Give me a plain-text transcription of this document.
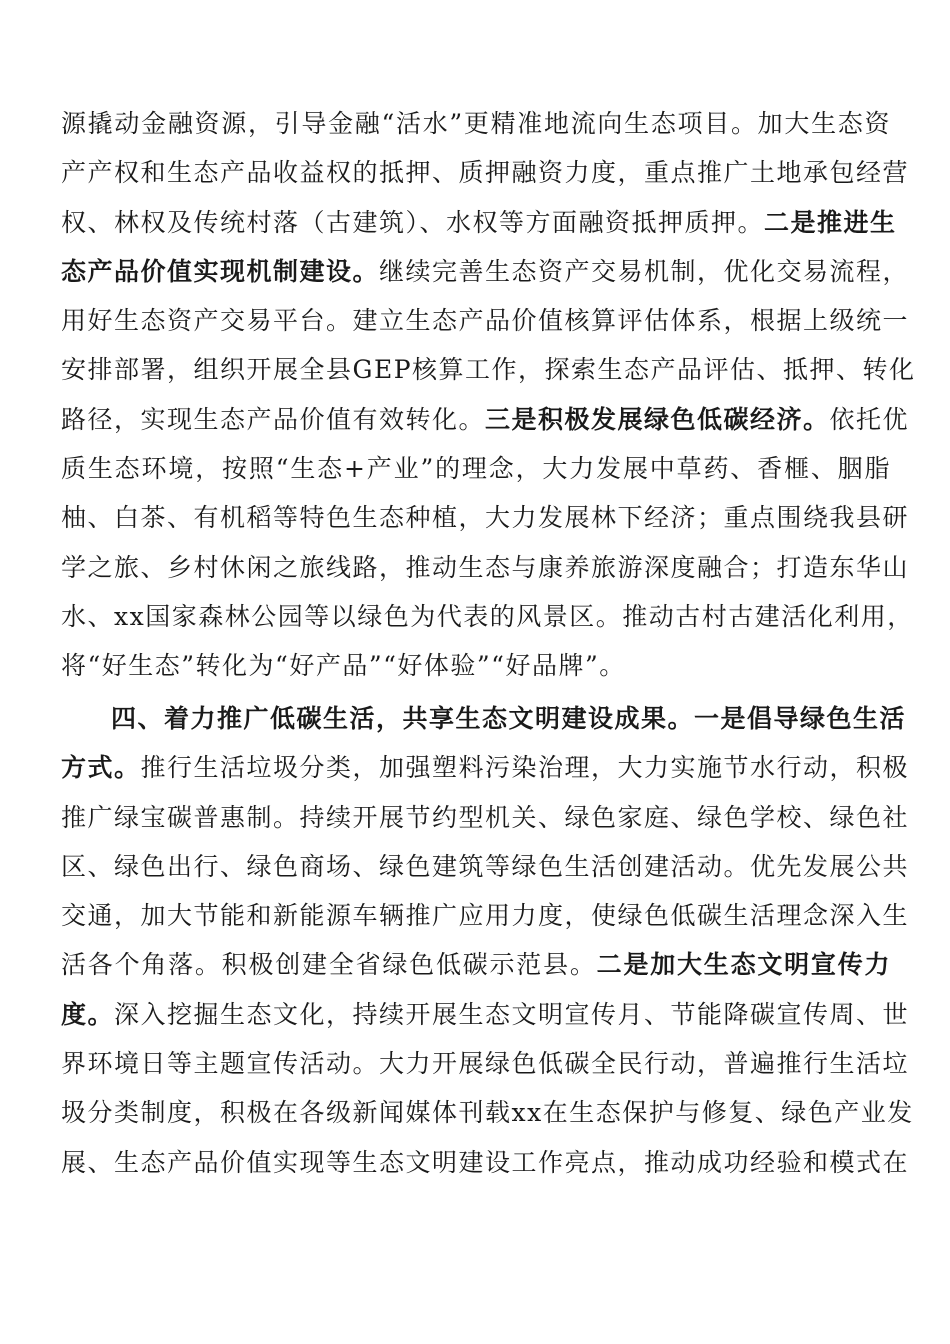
源撬动金融资源，引导金融“活水”更精准地流向生态项目。加大生态资
产产权和生态产品收益权的抵押、质押融资力度，重点推广土地承包经营
权、林权及传统村落（古建筑）、水权等方面融资抵押质押。二是推进生
态产品价值实现机制建设。继续完善生态资产交易机制，优化交易流程，
用好生态资产交易平台。建立生态产品价值核算评估体系，根据上级统一
安排部署，组织开展全县GEP核算工作，探索生态产品评估、抵押、转化
路径，实现生态产品价值有效转化。三是积极发展绿色低碳经济。依托优
质生态环境，按照“生态+产业”的理念，大力发展中草药、香榧、胭脂
柚、白茶、有机稻等特色生态种植，大力发展林下经济；重点围绕我县研
学之旅、乡村休闲之旅线路，推动生态与康养旅游深度融合；打造东华山
水、xx国家森林公园等以绿色为代表的风景区。推动古村古建活化利用，
将“好生态”转化为“好产品”“好体验”“好品牌”。
四、着力推广低碳生活，共享生态文明建设成果。一是倡导绿色生活
方式。推行生活垃圾分类，加强塑料污染治理，大力实施节水行动，积极
推广绿宝碳普惠制。持续开展节约型机关、绿色家庭、绿色学校、绿色社
区、绿色出行、绿色商场、绿色建筑等绿色生活创建活动。优先发展公共
交通，加大节能和新能源车辆推广应用力度，使绿色低碳生活理念深入生
活各个角落。积极创建全省绿色低碳示范县。二是加大生态文明宣传力
度。深入挖掘生态文化，持续开展生态文明宣传月、节能降碳宣传周、世
界环境日等主题宣传活动。大力开展绿色低碳全民行动，普遍推行生活垃
圾分类制度，积极在各级新闻媒体刊载xx在生态保护与修复、绿色产业发
展、生态产品价值实现等生态文明建设工作亮点，推动成功经验和模式在
